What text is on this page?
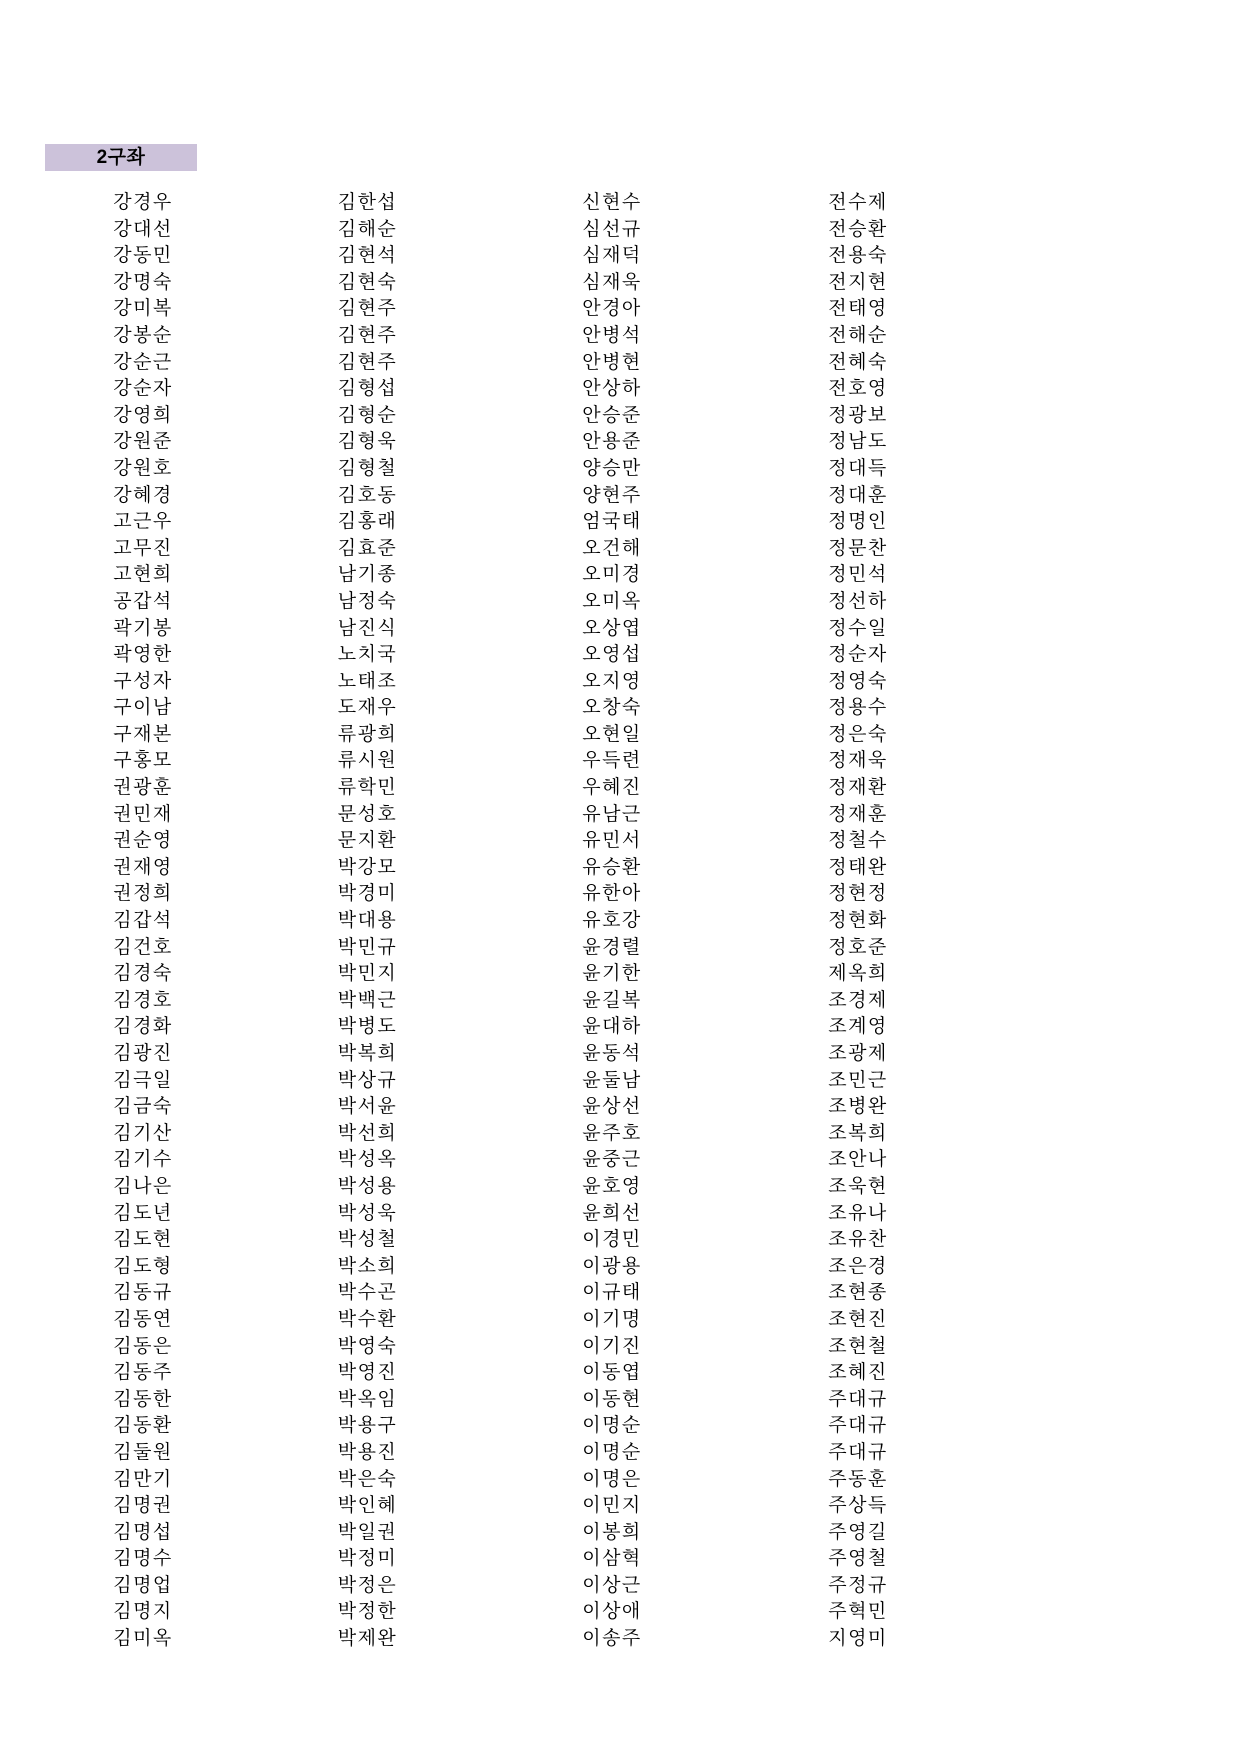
2구좌
강경우
강대선
강동민
강명숙
강미복
강봉순
강순근
강순자
강영희
강원준
강원호
강혜경
고근우
고무진
고현희
공갑석
곽기봉
곽영한
구성자
구이남
구재본
구홍모
권광훈
권민재
권순영
권재영
권정희
김갑석
김건호
김경숙
김경호
김경화
김광진
김극일
김금숙
김기산
김기수
김나은
김도년
김도현
김도형
김동규
김동연
김동은
김동주
김동한
김동환
김둘원
김만기
김명권
김명섭
김명수
김명업
김명지
김미옥
김한섭
김해순
김현석
김현숙
김현주
김현주
김현주
김형섭
김형순
김형욱
김형철
김호동
김홍래
김효준
남기종
남정숙
남진식
노치국
노태조
도재우
류광희
류시원
류학민
문성호
문지환
박강모
박경미
박대용
박민규
박민지
박백근
박병도
박복희
박상규
박서윤
박선희
박성옥
박성용
박성욱
박성철
박소희
박수곤
박수환
박영숙
박영진
박옥임
박용구
박용진
박은숙
박인혜
박일권
박정미
박정은
박정한
박제완
신현수
심선규
심재덕
심재욱
안경아
안병석
안병현
안상하
안승준
안용준
양승만
양현주
엄국태
오건해
오미경
오미옥
오상엽
오영섭
오지영
오창숙
오현일
우득련
우혜진
유남근
유민서
유승환
유한아
유호강
윤경렬
윤기한
윤길복
윤대하
윤동석
윤둘남
윤상선
윤주호
윤중근
윤호영
윤희선
이경민
이광용
이규태
이기명
이기진
이동엽
이동현
이명순
이명순
이명은
이민지
이봉희
이삼혁
이상근
이상애
이송주
전수제
전승환
전용숙
전지현
전태영
전해순
전혜숙
전호영
정광보
정남도
정대득
정대훈
정명인
정문찬
정민석
정선하
정수일
정순자
정영숙
정용수
정은숙
정재욱
정재환
정재훈
정철수
정태완
정현정
정현화
정호준
제옥희
조경제
조계영
조광제
조민근
조병완
조복희
조안나
조욱현
조유나
조유찬
조은경
조현종
조현진
조현철
조혜진
주대규
주대규
주대규
주동훈
주상득
주영길
주영철
주정규
주혁민
지영미
